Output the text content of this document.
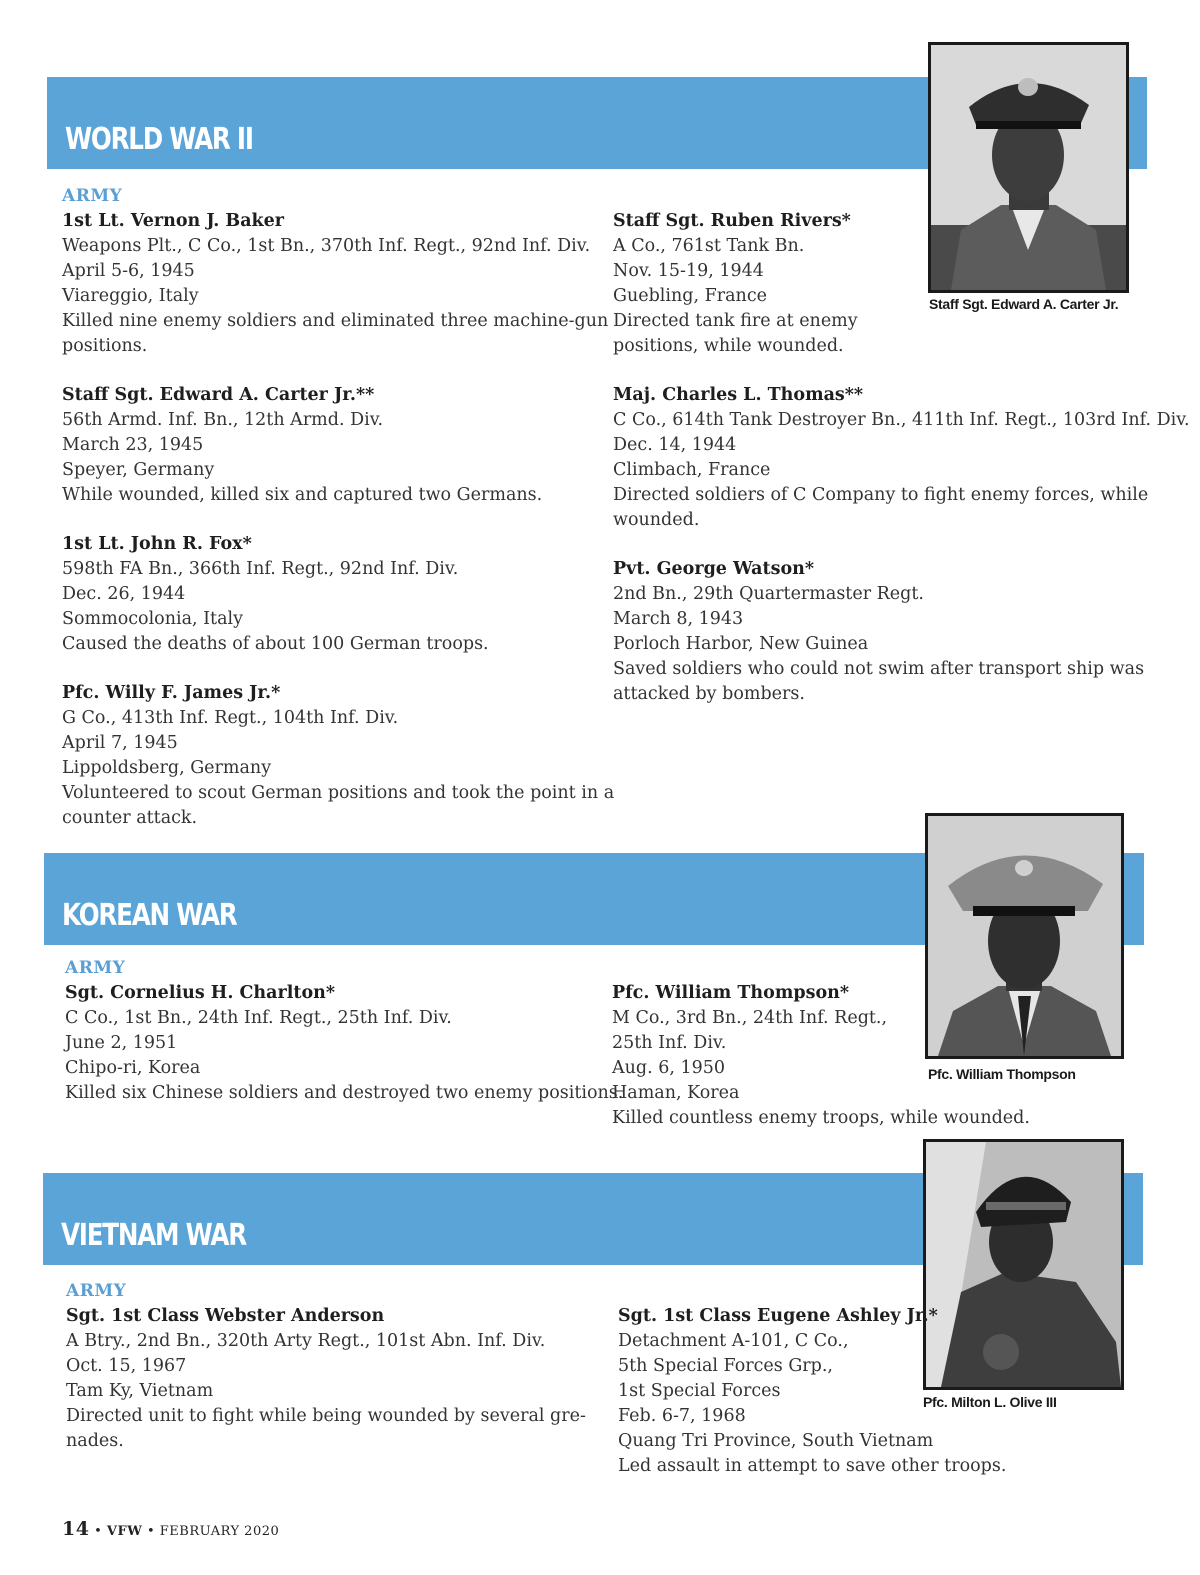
WORLD WAR II
Staff Sgt. Edward A. Carter Jr.
ARMY
1st Lt. Vernon J. Baker
Weapons Plt., C Co., 1st Bn., 370th Inf. Regt., 92nd Inf. Div.
April 5-6, 1945
Viareggio, Italy
Killed nine enemy soldiers and eliminated three machine-gun
positions.
Staff Sgt. Edward A. Carter Jr.**
56th Armd. Inf. Bn., 12th Armd. Div.
March 23, 1945
Speyer, Germany
While wounded, killed six and captured two Germans.
1st Lt. John R. Fox*
598th FA Bn., 366th Inf. Regt., 92nd Inf. Div.
Dec. 26, 1944
Sommocolonia, Italy
Caused the deaths of about 100 German troops.
Pfc. Willy F. James Jr.*
G Co., 413th Inf. Regt., 104th Inf. Div.
April 7, 1945
Lippoldsberg, Germany
Volunteered to scout German positions and took the point in a
counter attack.
Staff Sgt. Ruben Rivers*
A Co., 761st Tank Bn.
Nov. 15-19, 1944
Guebling, France
Directed tank fire at enemy
positions, while wounded.
Maj. Charles L. Thomas**
C Co., 614th Tank Destroyer Bn., 411th Inf. Regt., 103rd Inf. Div.
Dec. 14, 1944
Climbach, France
Directed soldiers of C Company to fight enemy forces, while
wounded.
Pvt. George Watson*
2nd Bn., 29th Quartermaster Regt.
March 8, 1943
Porloch Harbor, New Guinea
Saved soldiers who could not swim after transport ship was
attacked by bombers.
KOREAN WAR
Pfc. William Thompson
ARMY
Sgt. Cornelius H. Charlton*
C Co., 1st Bn., 24th Inf. Regt., 25th Inf. Div.
June 2, 1951
Chipo-ri, Korea
Killed six Chinese soldiers and destroyed two enemy positions.
Pfc. William Thompson*
M Co., 3rd Bn., 24th Inf. Regt.,
25th Inf. Div.
Aug. 6, 1950
Haman, Korea
Killed countless enemy troops, while wounded.
VIETNAM WAR
Pfc. Milton L. Olive III
ARMY
Sgt. 1st Class Webster Anderson
A Btry., 2nd Bn., 320th Arty Regt., 101st Abn. Inf. Div.
Oct. 15, 1967
Tam Ky, Vietnam
Directed unit to fight while being wounded by several gre-
nades.
Sgt. 1st Class Eugene Ashley Jr.*
Detachment A-101, C Co.,
5th Special Forces Grp.,
1st Special Forces
Feb. 6-7, 1968
Quang Tri Province, South Vietnam
Led assault in attempt to save other troops.
14 • VFW • FEBRUARY 2020
